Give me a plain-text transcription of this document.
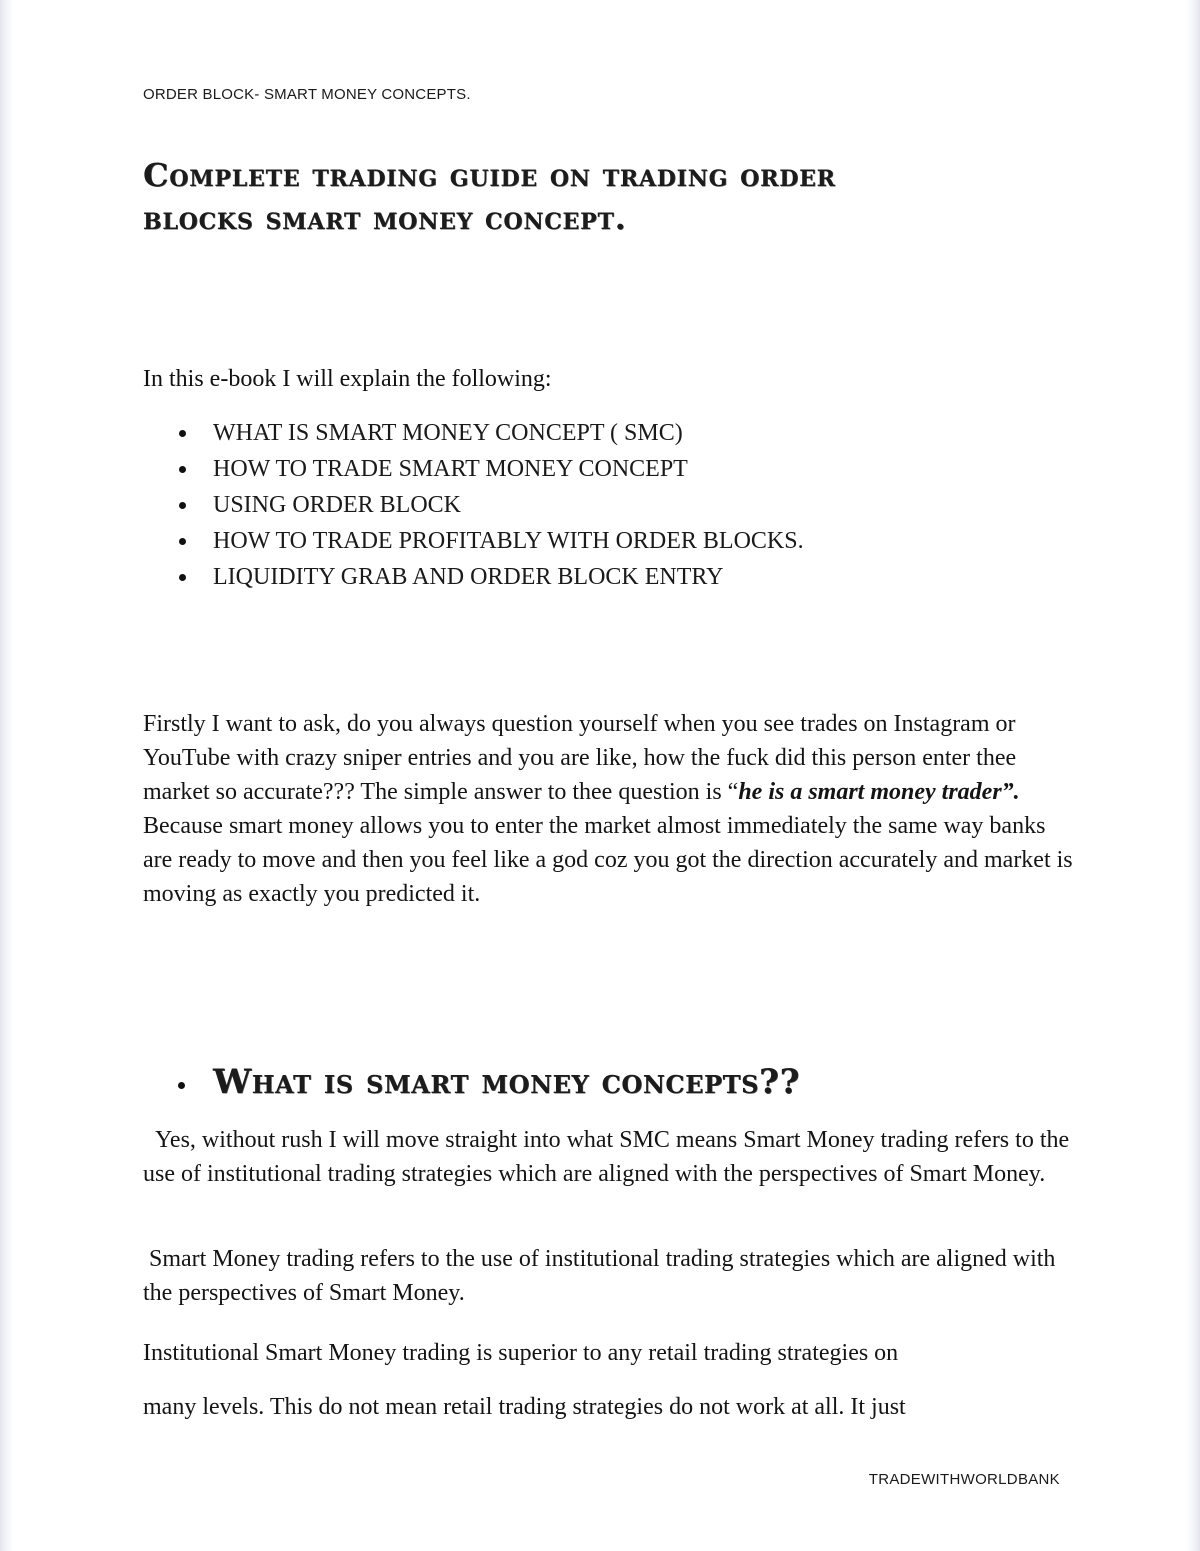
ORDER BLOCK- SMART MONEY CONCEPTS.
Complete trading guide on trading order
blocks smart money concept.
In this e-book I will explain the following:
WHAT IS SMART MONEY CONCEPT ( SMC)
HOW TO TRADE SMART MONEY CONCEPT
USING ORDER BLOCK
HOW TO TRADE PROFITABLY WITH ORDER BLOCKS.
LIQUIDITY GRAB AND ORDER BLOCK ENTRY

Firstly I want to ask, do you always question yourself when you see trades on Instagram or YouTube with crazy sniper entries and you are like, how the fuck did this person enter thee market so accurate??? The simple answer to thee question is “he is a smart money trader”. Because smart money allows you to enter the market almost immediately the same way banks are ready to move and then you feel like a god coz you got the direction accurately and market is moving as exactly you predicted it.

What is smart money concepts??

Yes, without rush I will move straight into what SMC means Smart Money trading refers to the use of institutional trading strategies which are aligned with the perspectives of Smart Money.

Smart Money trading refers to the use of institutional trading strategies which are aligned with the perspectives of Smart Money.

Institutional Smart Money trading is superior to any retail trading strategies on
many levels. This do not mean retail trading strategies do not work at all. It just

TRADEWITHWORLDBANK
